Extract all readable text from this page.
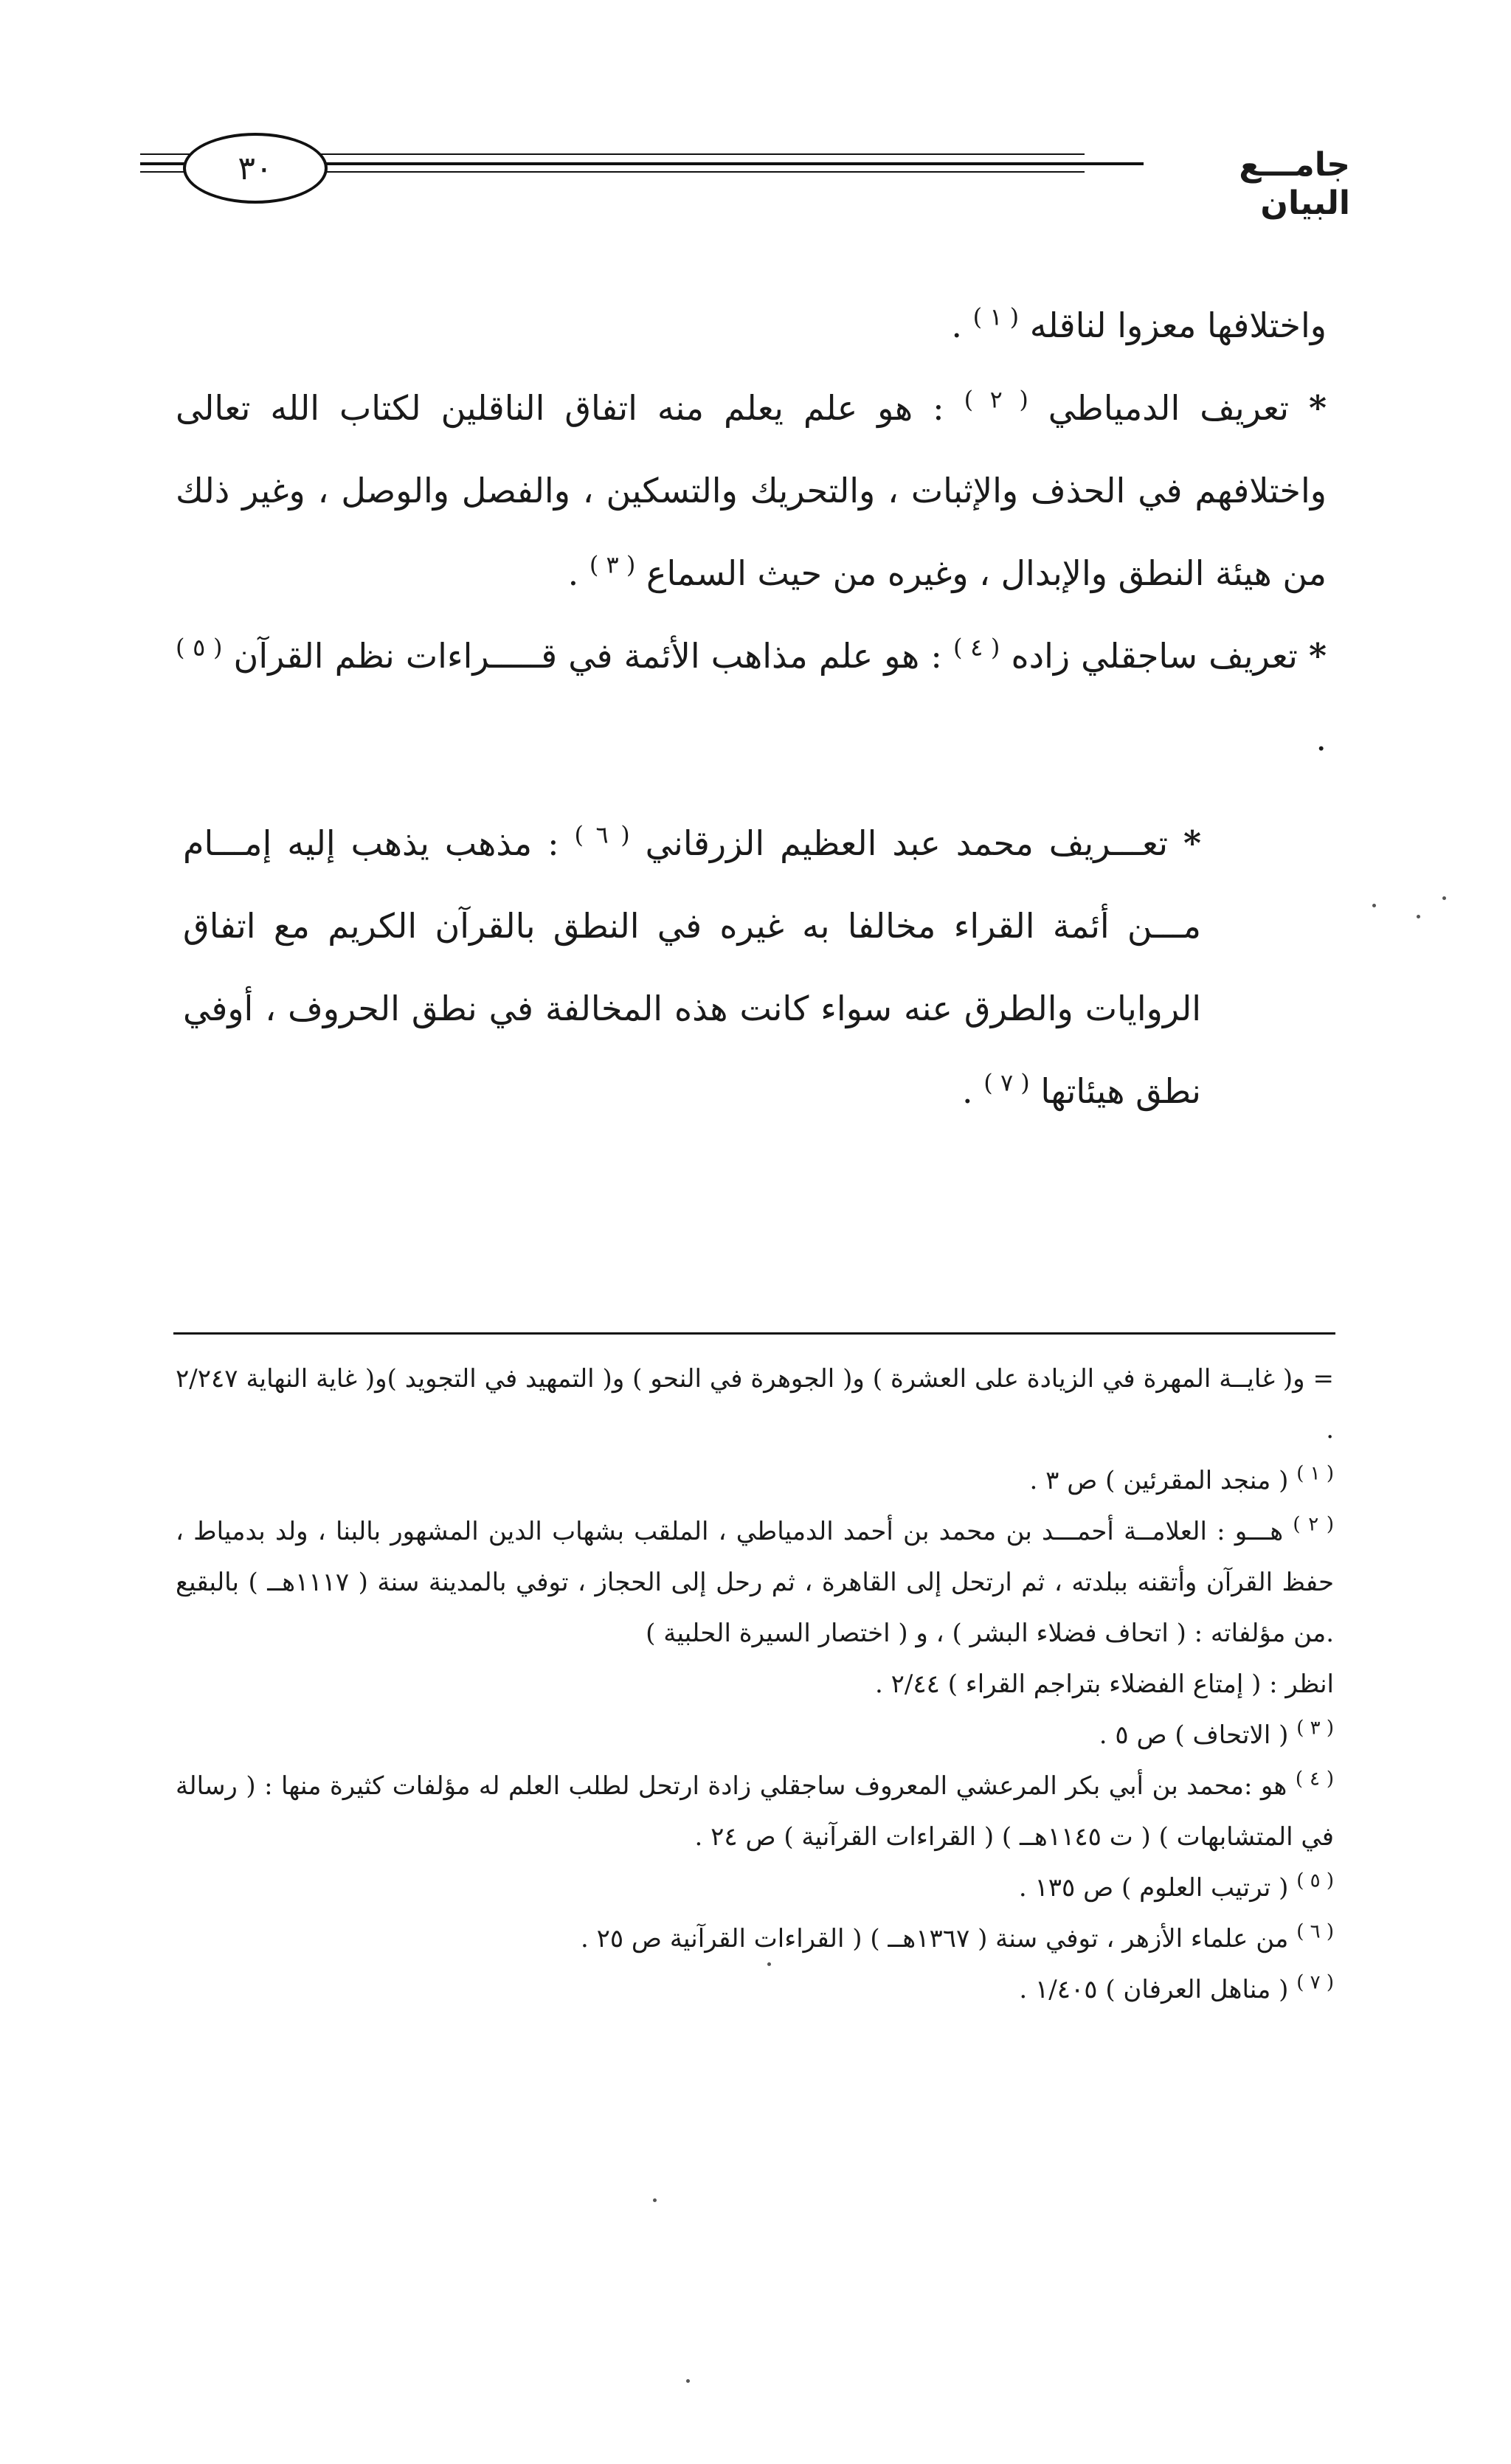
٣٠	جامـــع البيان

واختلافها معزوا لناقله $^{( ١ )}$ .

* تعريف الدمياطي $^{( ٢ )}$ : هو علم يعلم منه اتفاق الناقلين لكتاب الله تعالى واختلافهم في الحذف والإثبات ، والتحريك والتسكين ، والفصل والوصل ، وغير ذلك من هيئة النطق والإبدال ، وغيره من حيث السماع $^{( ٣ )}$ .

* تعريف ساجقلي زاده $^{( ٤ )}$ : هو علم مذاهب الأئمة في قـــــراءات نظم القرآن $^{( ٥ )}$ .

* تعـــريف محمد عبد العظيم الزرقاني $^{( ٦ )}$ : مذهب يذهب إليه إمـــام مـــن أئمة القراء مخالفا به غيره في النطق بالقرآن الكريم مع اتفاق الروايات والطرق عنه سواء كانت هذه المخالفة في نطق الحروف ، أوفي نطق هيئاتها $^{( ٧ )}$ .

= و( غايــة المهرة في الزيادة على العشرة ) و( الجوهرة في النحو ) و( التمهيد في التجويد )و( غاية النهاية ٢/٢٤٧ .

$^{( ١ )}$ ( منجد المقرئين ) ص ٣ .

$^{( ٢ )}$ هـــو : العلامــة أحمـــد بن محمد بن أحمد الدمياطي ، الملقب بشهاب الدين المشهور بالبنا ، ولد بدمياط ، حفظ القرآن وأتقنه ببلدته ، ثم ارتحل إلى القاهرة ، ثم رحل إلى الحجاز ، توفي بالمدينة سنة ( ١١١٧هــ ) بالبقيع .من مؤلفاته : ( اتحاف فضلاء البشر ) ، و ( اختصار السيرة الحلبية )

انظر : ( إمتاع الفضلاء بتراجم القراء ) ٢/٤٤ .

$^{( ٣ )}$ ( الاتحاف ) ص ٥ .

$^{( ٤ )}$ هو :محمد بن أبي بكر المرعشي المعروف ساجقلي زادة ارتحل لطلب العلم له مؤلفات كثيرة منها : ( رسالة في المتشابهات ) ( ت ١١٤٥هــ ) ( القراءات القرآنية ) ص ٢٤ .

$^{( ٥ )}$ ( ترتيب العلوم ) ص ١٣٥ .

$^{( ٦ )}$ من علماء الأزهر ، توفي سنة ( ١٣٦٧هــ ) ( القراءات القرآنية ص ٢٥ .

$^{( ٧ )}$ ( مناهل العرفان ) ١/٤٠٥ .
